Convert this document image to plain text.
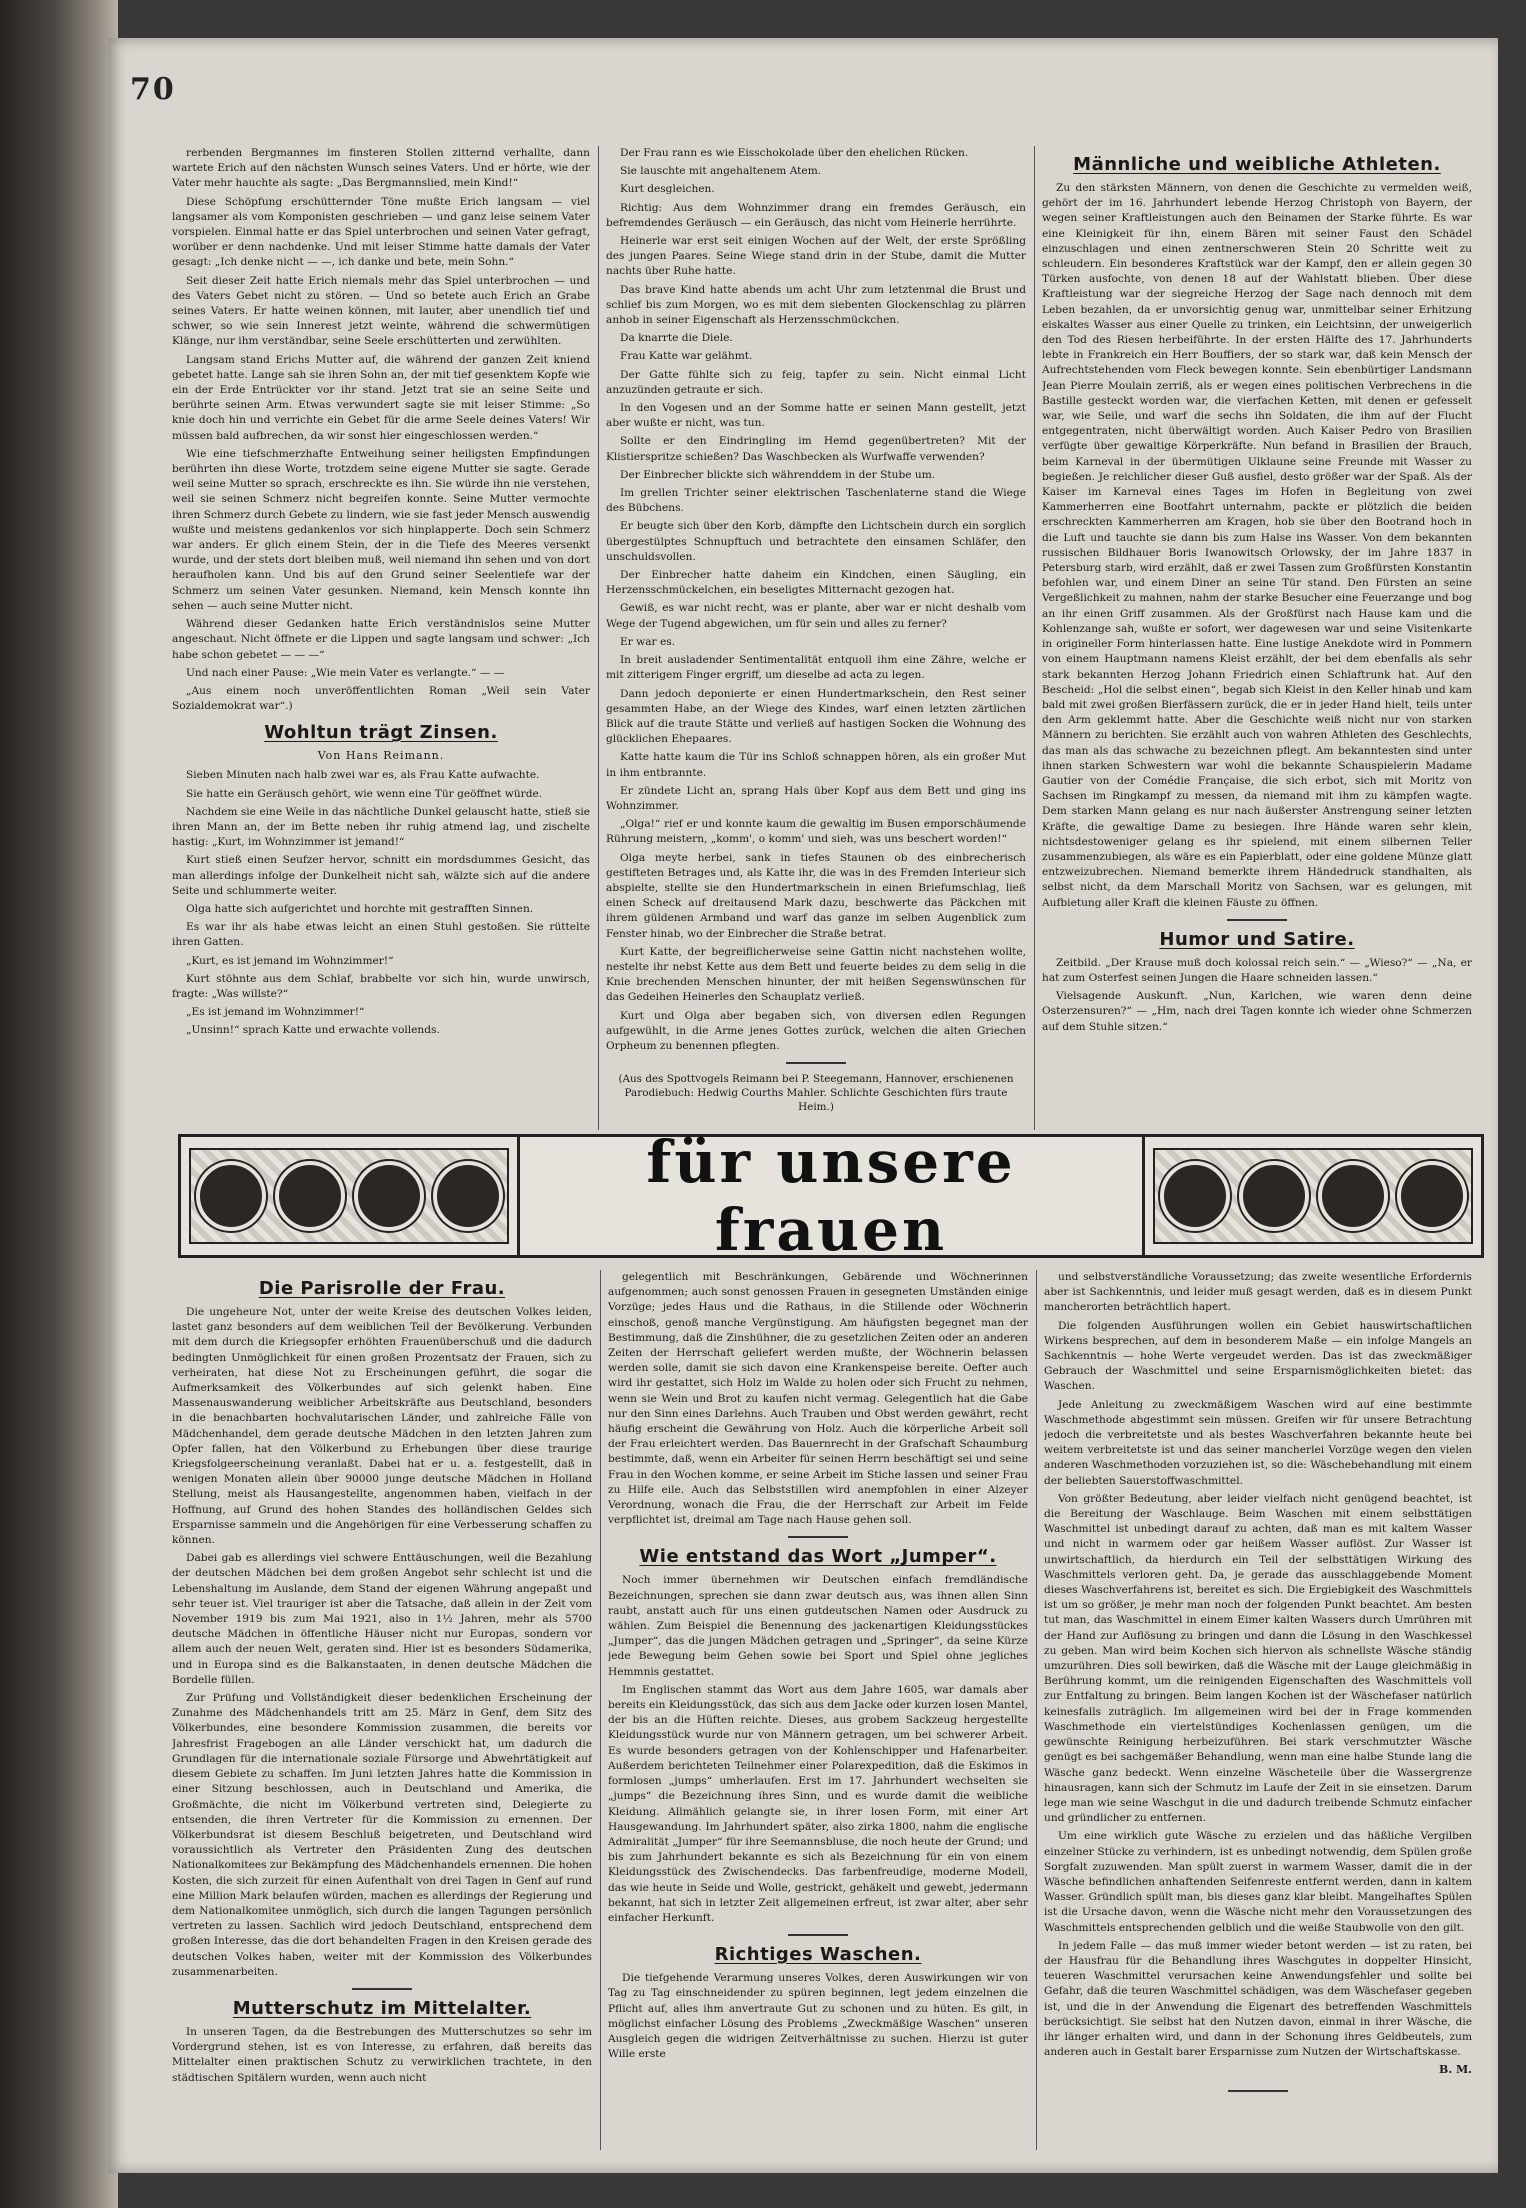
70

rerbenden Bergmannes im finsteren Stollen zitternd verhallte, dann wartete Erich auf den nächsten Wunsch seines Vaters. Und er hörte, wie der Vater mehr hauchte als sagte: „Das Bergmannslied, mein Kind!“

Diese Schöpfung erschütternder Töne mußte Erich langsam — viel langsamer als vom Komponisten geschrieben — und ganz leise seinem Vater vorspielen. Einmal hatte er das Spiel unterbrochen und seinen Vater gefragt, worüber er denn nachdenke. Und mit leiser Stimme hatte damals der Vater gesagt: „Ich denke nicht — —, ich danke und bete, mein Sohn.“

Seit dieser Zeit hatte Erich niemals mehr das Spiel unterbrochen — und des Vaters Gebet nicht zu stören. — Und so betete auch Erich an Grabe seines Vaters. Er hatte weinen können, mit lauter, aber unendlich tief und schwer, so wie sein Innerest jetzt weinte, während die schwermütigen Klänge, nur ihm verständbar, seine Seele erschütterten und zerwühlten.

Langsam stand Erichs Mutter auf, die während der ganzen Zeit kniend gebetet hatte. Lange sah sie ihren Sohn an, der mit tief gesenktem Kopfe wie ein der Erde Entrückter vor ihr stand. Jetzt trat sie an seine Seite und berührte seinen Arm. Etwas verwundert sagte sie mit leiser Stimme: „So knie doch hin und verrichte ein Gebet für die arme Seele deines Vaters! Wir müssen bald aufbrechen, da wir sonst hier eingeschlossen werden.“

Wie eine tiefschmerzhafte Entweihung seiner heiligsten Empfindungen berührten ihn diese Worte, trotzdem seine eigene Mutter sie sagte. Gerade weil seine Mutter so sprach, erschreckte es ihn. Sie würde ihn nie verstehen, weil sie seinen Schmerz nicht begreifen konnte. Seine Mutter vermochte ihren Schmerz durch Gebete zu lindern, wie sie fast jeder Mensch auswendig wußte und meistens gedankenlos vor sich hinplapperte. Doch sein Schmerz war anders. Er glich einem Stein, der in die Tiefe des Meeres versenkt wurde, und der stets dort bleiben muß, weil niemand ihn sehen und von dort heraufholen kann. Und bis auf den Grund seiner Seelentiefe war der Schmerz um seinen Vater gesunken. Niemand, kein Mensch konnte ihn sehen — auch seine Mutter nicht.

Während dieser Gedanken hatte Erich verständnislos seine Mutter angeschaut. Nicht öffnete er die Lippen und sagte langsam und schwer: „Ich habe schon gebetet — — —“

Und nach einer Pause: „Wie mein Vater es verlangte.“ — —

„Aus einem noch unveröffentlichten Roman „Weil sein Vater Sozialdemokrat war“.)

Wohltun trägt Zinsen.
Von Hans Reimann.

Sieben Minuten nach halb zwei war es, als Frau Katte aufwachte.

Sie hatte ein Geräusch gehört, wie wenn eine Tür geöffnet würde.

Nachdem sie eine Weile in das nächtliche Dunkel gelauscht hatte, stieß sie ihren Mann an, der im Bette neben ihr ruhig atmend lag, und zischelte hastig: „Kurt, im Wohnzimmer ist jemand!“

Kurt stieß einen Seufzer hervor, schnitt ein mordsdummes Gesicht, das man allerdings infolge der Dunkelheit nicht sah, wälzte sich auf die andere Seite und schlummerte weiter.

Olga hatte sich aufgerichtet und horchte mit gestrafften Sinnen.

Es war ihr als habe etwas leicht an einen Stuhl gestoßen. Sie rüttelte ihren Gatten.

„Kurt, es ist jemand im Wohnzimmer!“

Kurt stöhnte aus dem Schlaf, brabbelte vor sich hin, wurde unwirsch, fragte: „Was willste?“

„Es ist jemand im Wohnzimmer!“

„Unsinn!“ sprach Katte und erwachte vollends.

Der Frau rann es wie Eisschokolade über den ehelichen Rücken.

Sie lauschte mit angehaltenem Atem.

Kurt desgleichen.

Richtig: Aus dem Wohnzimmer drang ein fremdes Geräusch, ein befremdendes Geräusch — ein Geräusch, das nicht vom Heinerle herrührte.

Heinerle war erst seit einigen Wochen auf der Welt, der erste Sprößling des jungen Paares. Seine Wiege stand drin in der Stube, damit die Mutter nachts über Ruhe hatte.

Das brave Kind hatte abends um acht Uhr zum letztenmal die Brust und schlief bis zum Morgen, wo es mit dem siebenten Glockenschlag zu plärren anhob in seiner Eigenschaft als Herzensschmückchen.

Da knarrte die Diele.

Frau Katte war gelähmt.

Der Gatte fühlte sich zu feig, tapfer zu sein. Nicht einmal Licht anzuzünden getraute er sich.

In den Vogesen und an der Somme hatte er seinen Mann gestellt, jetzt aber wußte er nicht, was tun.

Sollte er den Eindringling im Hemd gegenübertreten? Mit der Klistierspritze schießen? Das Waschbecken als Wurfwaffe verwenden?

Der Einbrecher blickte sich währenddem in der Stube um.

Im grellen Trichter seiner elektrischen Taschenlaterne stand die Wiege des Bübchens.

Er beugte sich über den Korb, dämpfte den Lichtschein durch ein sorglich übergestülptes Schnupftuch und betrachtete den einsamen Schläfer, den unschuldsvollen.

Der Einbrecher hatte daheim ein Kindchen, einen Säugling, ein Herzensschmückelchen, ein beseligtes Mitternacht gezogen hat.

Gewiß, es war nicht recht, was er plante, aber war er nicht deshalb vom Wege der Tugend abgewichen, um für sein und alles zu ferner?

Er war es.

In breit ausladender Sentimentalität entquoll ihm eine Zähre, welche er mit zitterigem Finger ergriff, um dieselbe ad acta zu legen.

Dann jedoch deponierte er einen Hundertmarkschein, den Rest seiner gesammten Habe, an der Wiege des Kindes, warf einen letzten zärtlichen Blick auf die traute Stätte und verließ auf hastigen Socken die Wohnung des glücklichen Ehepaares.

Katte hatte kaum die Tür ins Schloß schnappen hören, als ein großer Mut in ihm entbrannte.

Er zündete Licht an, sprang Hals über Kopf aus dem Bett und ging ins Wohnzimmer.

„Olga!“ rief er und konnte kaum die gewaltig im Busen emporschäumende Rührung meistern, „komm', o komm' und sieh, was uns beschert worden!“

Olga meyte herbei, sank in tiefes Staunen ob des einbrecherisch gestifteten Betrages und, als Katte ihr, die was in des Fremden Interieur sich abspielte, stellte sie den Hundertmarkschein in einen Briefumschlag, ließ einen Scheck auf dreitausend Mark dazu, beschwerte das Päckchen mit ihrem güldenen Armband und warf das ganze im selben Augenblick zum Fenster hinab, wo der Einbrecher die Straße betrat.

Kurt Katte, der begreiflicherweise seine Gattin nicht nachstehen wollte, nestelte ihr nebst Kette aus dem Bett und feuerte beides zu dem selig in die Knie brechenden Menschen hinunter, der mit heißen Segenswünschen für das Gedeihen Heinerles den Schauplatz verließ.

Kurt und Olga aber begaben sich, von diversen edlen Regungen aufgewühlt, in die Arme jenes Gottes zurück, welchen die alten Griechen Orpheum zu benennen pflegten.

(Aus des Spottvogels Reimann bei P. Steegemann, Hannover, erschienenen Parodiebuch: Hedwig Courths Mahler. Schlichte Geschichten fürs traute Heim.)
Männliche und weibliche Athleten.

Zu den stärksten Männern, von denen die Geschichte zu vermelden weiß, gehört der im 16. Jahrhundert lebende Herzog Christoph von Bayern, der wegen seiner Kraftleistungen auch den Beinamen der Starke führte. Es war eine Kleinigkeit für ihn, einem Bären mit seiner Faust den Schädel einzuschlagen und einen zentnerschweren Stein 20 Schritte weit zu schleudern. Ein besonderes Kraftstück war der Kampf, den er allein gegen 30 Türken ausfochte, von denen 18 auf der Wahlstatt blieben. Über diese Kraftleistung war der siegreiche Herzog der Sage nach dennoch mit dem Leben bezahlen, da er unvorsichtig genug war, unmittelbar seiner Erhitzung eiskaltes Wasser aus einer Quelle zu trinken, ein Leichtsinn, der unweigerlich den Tod des Riesen herbeiführte. In der ersten Hälfte des 17. Jahrhunderts lebte in Frankreich ein Herr Bouffiers, der so stark war, daß kein Mensch der Aufrechtstehenden vom Fleck bewegen konnte. Sein ebenbürtiger Landsmann Jean Pierre Moulain zerriß, als er wegen eines politischen Verbrechens in die Bastille gesteckt worden war, die vierfachen Ketten, mit denen er gefesselt war, wie Seile, und warf die sechs ihn Soldaten, die ihm auf der Flucht entgegentraten, nicht überwältigt worden. Auch Kaiser Pedro von Brasilien verfügte über gewaltige Körperkräfte. Nun befand in Brasilien der Brauch, beim Karneval in der übermütigen Ulklaune seine Freunde mit Wasser zu begießen. Je reichlicher dieser Guß ausfiel, desto größer war der Spaß. Als der Kaiser im Karneval eines Tages im Hofen in Begleitung von zwei Kammerherren eine Bootfahrt unternahm, packte er plötzlich die beiden erschreckten Kammerherren am Kragen, hob sie über den Bootrand hoch in die Luft und tauchte sie dann bis zum Halse ins Wasser. Von dem bekannten russischen Bildhauer Boris Iwanowitsch Orlowsky, der im Jahre 1837 in Petersburg starb, wird erzählt, daß er zwei Tassen zum Großfürsten Konstantin befohlen war, und einem Diner an seine Tür stand. Den Fürsten an seine Vergeßlichkeit zu mahnen, nahm der starke Besucher eine Feuerzange und bog an ihr einen Griff zusammen. Als der Großfürst nach Hause kam und die Kohlenzange sah, wußte er sofort, wer dagewesen war und seine Visitenkarte in origineller Form hinterlassen hatte. Eine lustige Anekdote wird in Pommern von einem Hauptmann namens Kleist erzählt, der bei dem ebenfalls als sehr stark bekannten Herzog Johann Friedrich einen Schlaftrunk hat. Auf den Bescheid: „Hol die selbst einen“, begab sich Kleist in den Keller hinab und kam bald mit zwei großen Bierfässern zurück, die er in jeder Hand hielt, teils unter den Arm geklemmt hatte. Aber die Geschichte weiß nicht nur von starken Männern zu berichten. Sie erzählt auch von wahren Athleten des Geschlechts, das man als das schwache zu bezeichnen pflegt. Am bekanntesten sind unter ihnen starken Schwestern war wohl die bekannte Schauspielerin Madame Gautier von der Comédie Française, die sich erbot, sich mit Moritz von Sachsen im Ringkampf zu messen, da niemand mit ihm zu kämpfen wagte. Dem starken Mann gelang es nur nach äußerster Anstrengung seiner letzten Kräfte, die gewaltige Dame zu besiegen. Ihre Hände waren sehr klein, nichtsdestoweniger gelang es ihr spielend, mit einem silbernen Teller zusammenzubiegen, als wäre es ein Papierblatt, oder eine goldene Münze glatt entzweizubrechen. Niemand bemerkte ihrem Händedruck standhalten, als selbst nicht, da dem Marschall Moritz von Sachsen, war es gelungen, mit Aufbietung aller Kraft die kleinen Fäuste zu öffnen.

Humor und Satire.

Zeitbild. „Der Krause muß doch kolossal reich sein.“ — „Wieso?“ — „Na, er hat zum Osterfest seinen Jungen die Haare schneiden lassen.“

Vielsagende Auskunft. „Nun, Karlchen, wie waren denn deine Osterzensuren?“ — „Hm, nach drei Tagen konnte ich wieder ohne Schmerzen auf dem Stuhle sitzen.“

für unsere frauen
Die Parisrolle der Frau.

Die ungeheure Not, unter der weite Kreise des deutschen Volkes leiden, lastet ganz besonders auf dem weiblichen Teil der Bevölkerung. Verbunden mit dem durch die Kriegsopfer erhöhten Frauenüberschuß und die dadurch bedingten Unmöglichkeit für einen großen Prozentsatz der Frauen, sich zu verheiraten, hat diese Not zu Erscheinungen geführt, die sogar die Aufmerksamkeit des Völkerbundes auf sich gelenkt haben. Eine Massenauswanderung weiblicher Arbeitskräfte aus Deutschland, besonders in die benachbarten hochvalutarischen Länder, und zahlreiche Fälle von Mädchenhandel, dem gerade deutsche Mädchen in den letzten Jahren zum Opfer fallen, hat den Völkerbund zu Erhebungen über diese traurige Kriegsfolgeerscheinung veranlaßt. Dabei hat er u. a. festgestellt, daß in wenigen Monaten allein über 90000 junge deutsche Mädchen in Holland Stellung, meist als Hausangestellte, angenommen haben, vielfach in der Hoffnung, auf Grund des hohen Standes des holländischen Geldes sich Ersparnisse sammeln und die Angehörigen für eine Verbesserung schaffen zu können.

Dabei gab es allerdings viel schwere Enttäuschungen, weil die Bezahlung der deutschen Mädchen bei dem großen Angebot sehr schlecht ist und die Lebenshaltung im Auslande, dem Stand der eigenen Währung angepaßt und sehr teuer ist. Viel trauriger ist aber die Tatsache, daß allein in der Zeit vom November 1919 bis zum Mai 1921, also in 1½ Jahren, mehr als 5700 deutsche Mädchen in öffentliche Häuser nicht nur Europas, sondern vor allem auch der neuen Welt, geraten sind. Hier ist es besonders Südamerika, und in Europa sind es die Balkanstaaten, in denen deutsche Mädchen die Bordelle füllen.

Zur Prüfung und Vollständigkeit dieser bedenklichen Erscheinung der Zunahme des Mädchenhandels tritt am 25. März in Genf, dem Sitz des Völkerbundes, eine besondere Kommission zusammen, die bereits vor Jahresfrist Fragebogen an alle Länder verschickt hat, um dadurch die Grundlagen für die internationale soziale Fürsorge und Abwehrtätigkeit auf diesem Gebiete zu schaffen. Im Juni letzten Jahres hatte die Kommission in einer Sitzung beschlossen, auch in Deutschland und Amerika, die Großmächte, die nicht im Völkerbund vertreten sind, Delegierte zu entsenden, die ihren Vertreter für die Kommission zu ernennen. Der Völkerbundsrat ist diesem Beschluß beigetreten, und Deutschland wird voraussichtlich als Vertreter den Präsidenten Zung des deutschen Nationalkomitees zur Bekämpfung des Mädchenhandels ernennen. Die hohen Kosten, die sich zurzeit für einen Aufenthalt von drei Tagen in Genf auf rund eine Million Mark belaufen würden, machen es allerdings der Regierung und dem Nationalkomitee unmöglich, sich durch die langen Tagungen persönlich vertreten zu lassen. Sachlich wird jedoch Deutschland, entsprechend dem großen Interesse, das die dort behandelten Fragen in den Kreisen gerade des deutschen Volkes haben, weiter mit der Kommission des Völkerbundes zusammenarbeiten.

Mutterschutz im Mittelalter.

In unseren Tagen, da die Bestrebungen des Mutterschutzes so sehr im Vordergrund stehen, ist es von Interesse, zu erfahren, daß bereits das Mittelalter einen praktischen Schutz zu verwirklichen trachtete, in den städtischen Spitälern wurden, wenn auch nicht

gelegentlich mit Beschränkungen, Gebärende und Wöchnerinnen aufgenommen; auch sonst genossen Frauen in gesegneten Umständen einige Vorzüge; jedes Haus und die Rathaus, in die Stillende oder Wöchnerin einschoß, genoß manche Vergünstigung. Am häufigsten begegnet man der Bestimmung, daß die Zinshühner, die zu gesetzlichen Zeiten oder an anderen Zeiten der Herrschaft geliefert werden mußte, der Wöchnerin belassen werden solle, damit sie sich davon eine Krankenspeise bereite. Oefter auch wird ihr gestattet, sich Holz im Walde zu holen oder sich Frucht zu nehmen, wenn sie Wein und Brot zu kaufen nicht vermag. Gelegentlich hat die Gabe nur den Sinn eines Darlehns. Auch Trauben und Obst werden gewährt, recht häufig erscheint die Gewährung von Holz. Auch die körperliche Arbeit soll der Frau erleichtert werden. Das Bauernrecht in der Grafschaft Schaumburg bestimmte, daß, wenn ein Arbeiter für seinen Herrn beschäftigt sei und seine Frau in den Wochen komme, er seine Arbeit im Stiche lassen und seiner Frau zu Hilfe eile. Auch das Selbststillen wird anempfohlen in einer Alzeyer Verordnung, wonach die Frau, die der Herrschaft zur Arbeit im Felde verpflichtet ist, dreimal am Tage nach Hause gehen soll.

Wie entstand das Wort „Jumper“.

Noch immer übernehmen wir Deutschen einfach fremdländische Bezeichnungen, sprechen sie dann zwar deutsch aus, was ihnen allen Sinn raubt, anstatt auch für uns einen gutdeutschen Namen oder Ausdruck zu wählen. Zum Beispiel die Benennung des jackenartigen Kleidungsstückes „Jumper“, das die jungen Mädchen getragen und „Springer“, da seine Kürze jede Bewegung beim Gehen sowie bei Sport und Spiel ohne jegliches Hemmnis gestattet.

Im Englischen stammt das Wort aus dem Jahre 1605, war damals aber bereits ein Kleidungsstück, das sich aus dem Jacke oder kurzen losen Mantel, der bis an die Hüften reichte. Dieses, aus grobem Sackzeug hergestellte Kleidungsstück wurde nur von Männern getragen, um bei schwerer Arbeit. Es wurde besonders getragen von der Kohlenschipper und Hafenarbeiter. Außerdem berichteten Teilnehmer einer Polarexpedition, daß die Eskimos in formlosen „jumps“ umherlaufen. Erst im 17. Jahrhundert wechselten sie „jumps“ die Bezeichnung ihres Sinn, und es wurde damit die weibliche Kleidung. Allmählich gelangte sie, in ihrer losen Form, mit einer Art Hausgewandung. Im Jahrhundert später, also zirka 1800, nahm die englische Admiralität „Jumper“ für ihre Seemannsbluse, die noch heute der Grund; und bis zum Jahrhundert bekannte es sich als Bezeichnung für ein von einem Kleidungsstück des Zwischendecks. Das farbenfreudige, moderne Modell, das wie heute in Seide und Wolle, gestrickt, gehäkelt und gewebt, jedermann bekannt, hat sich in letzter Zeit allgemeinen erfreut, ist zwar alter, aber sehr einfacher Herkunft.

Richtiges Waschen.

Die tiefgehende Verarmung unseres Volkes, deren Auswirkungen wir von Tag zu Tag einschneidender zu spüren beginnen, legt jedem einzelnen die Pflicht auf, alles ihm anvertraute Gut zu schonen und zu hüten. Es gilt, in möglichst einfacher Lösung des Problems „Zweckmäßige Waschen“ unseren Ausgleich gegen die widrigen Zeitverhältnisse zu suchen. Hierzu ist guter Wille erste

und selbstverständliche Voraussetzung; das zweite wesentliche Erfordernis aber ist Sachkenntnis, und leider muß gesagt werden, daß es in diesem Punkt mancherorten beträchtlich hapert.

Die folgenden Ausführungen wollen ein Gebiet hauswirtschaftlichen Wirkens besprechen, auf dem in besonderem Maße — ein infolge Mangels an Sachkenntnis — hohe Werte vergeudet werden. Das ist das zweckmäßiger Gebrauch der Waschmittel und seine Ersparnismöglichkeiten bietet: das Waschen.

Jede Anleitung zu zweckmäßigem Waschen wird auf eine bestimmte Waschmethode abgestimmt sein müssen. Greifen wir für unsere Betrachtung jedoch die verbreitetste und als bestes Waschverfahren bekannte heute bei weitem verbreitetste ist und das seiner mancherlei Vorzüge wegen den vielen anderen Waschmethoden vorzuziehen ist, so die: Wäschebehandlung mit einem der beliebten Sauerstoffwaschmittel.

Von größter Bedeutung, aber leider vielfach nicht genügend beachtet, ist die Bereitung der Waschlauge. Beim Waschen mit einem selbsttätigen Waschmittel ist unbedingt darauf zu achten, daß man es mit kaltem Wasser und nicht in warmem oder gar heißem Wasser auflöst. Zur Wasser ist unwirtschaftlich, da hierdurch ein Teil der selbsttätigen Wirkung des Waschmittels verloren geht. Da, je gerade das ausschlaggebende Moment dieses Waschverfahrens ist, bereitet es sich. Die Ergiebigkeit des Waschmittels ist um so größer, je mehr man noch der folgenden Punkt beachtet. Am besten tut man, das Waschmittel in einem Eimer kalten Wassers durch Umrühren mit der Hand zur Auflösung zu bringen und dann die Lösung in den Waschkessel zu geben. Man wird beim Kochen sich hiervon als schnellste Wäsche ständig umzurühren. Dies soll bewirken, daß die Wäsche mit der Lauge gleichmäßig in Berührung kommt, um die reinigenden Eigenschaften des Waschmittels voll zur Entfaltung zu bringen. Beim langen Kochen ist der Wäschefaser natürlich keinesfalls zuträglich. Im allgemeinen wird bei der in Frage kommenden Waschmethode ein viertelstündiges Kochenlassen genügen, um die gewünschte Reinigung herbeizuführen. Bei stark verschmutzter Wäsche genügt es bei sachgemäßer Behandlung, wenn man eine halbe Stunde lang die Wäsche ganz bedeckt. Wenn einzelne Wäscheteile über die Wassergrenze hinausragen, kann sich der Schmutz im Laufe der Zeit in sie einsetzen. Darum lege man wie seine Waschgut in die und dadurch treibende Schmutz einfacher und gründlicher zu entfernen.

Um eine wirklich gute Wäsche zu erzielen und das häßliche Vergilben einzelner Stücke zu verhindern, ist es unbedingt notwendig, dem Spülen große Sorgfalt zuzuwenden. Man spült zuerst in warmem Wasser, damit die in der Wäsche befindlichen anhaftenden Seifenreste entfernt werden, dann in kaltem Wasser. Gründlich spült man, bis dieses ganz klar bleibt. Mangelhaftes Spülen ist die Ursache davon, wenn die Wäsche nicht mehr den Voraussetzungen des Waschmittels entsprechenden gelblich und die weiße Staubwolle von den gilt.

In jedem Falle — das muß immer wieder betont werden — ist zu raten, bei der Hausfrau für die Behandlung ihres Waschgutes in doppelter Hinsicht, teueren Waschmittel verursachen keine Anwendungsfehler und sollte bei Gefahr, daß die teuren Waschmittel schädigen, was dem Wäschefaser gegeben ist, und die in der Anwendung die Eigenart des betreffenden Waschmittels berücksichtigt. Sie selbst hat den Nutzen davon, einmal in ihrer Wäsche, die ihr länger erhalten wird, und dann in der Schonung ihres Geldbeutels, zum anderen auch in Gestalt barer Ersparnisse zum Nutzen der Wirtschaftskasse.

B. M.
